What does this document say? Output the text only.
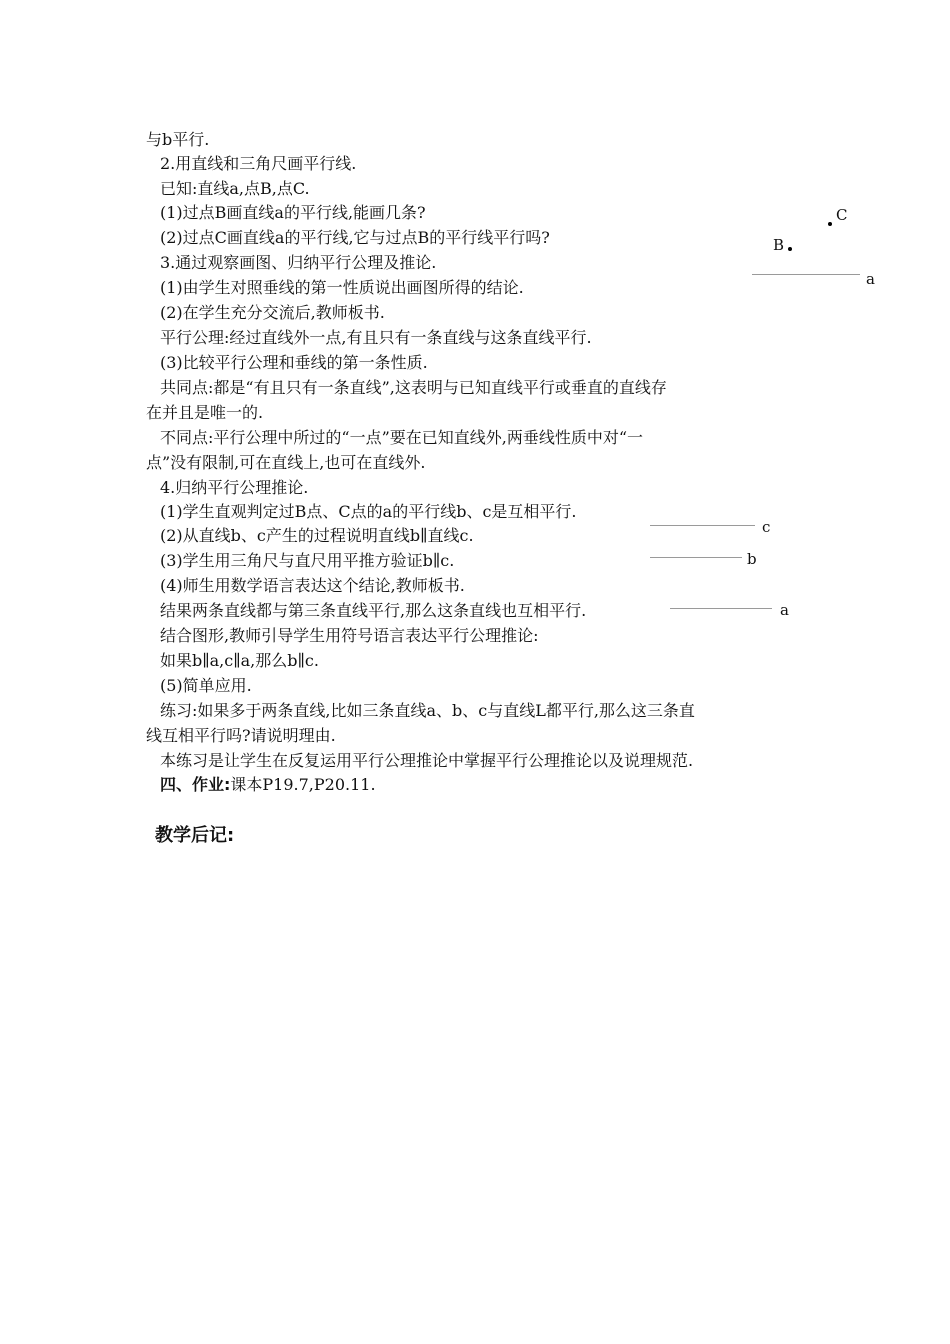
与b平行.
2.用直线和三角尺画平行线.
已知:直线a,点B,点C.
(1)过点B画直线a的平行线,能画几条?
(2)过点C画直线a的平行线,它与过点B的平行线平行吗?
3.通过观察画图、归纳平行公理及推论.
(1)由学生对照垂线的第一性质说出画图所得的结论.
(2)在学生充分交流后,教师板书.
平行公理:经过直线外一点,有且只有一条直线与这条直线平行.
(3)比较平行公理和垂线的第一条性质.
共同点:都是“有且只有一条直线”,这表明与已知直线平行或垂直的直线存
在并且是唯一的.
不同点:平行公理中所过的“一点”要在已知直线外,两垂线性质中对“一
点”没有限制,可在直线上,也可在直线外.
4.归纳平行公理推论.
(1)学生直观判定过B点、C点的a的平行线b、c是互相平行.
(2)从直线b、c产生的过程说明直线b∥直线c.
(3)学生用三角尺与直尺用平推方验证b∥c.
(4)师生用数学语言表达这个结论,教师板书.
结果两条直线都与第三条直线平行,那么这条直线也互相平行.
结合图形,教师引导学生用符号语言表达平行公理推论:
如果b∥a,c∥a,那么b∥c.
(5)简单应用.
练习:如果多于两条直线,比如三条直线a、b、c与直线L都平行,那么这三条直
线互相平行吗?请说明理由.
本练习是让学生在反复运用平行公理推论中掌握平行公理推论以及说理规范.
四、作业:课本P19.7,P20.11.
教学后记:
C
B
a
c
b
a
